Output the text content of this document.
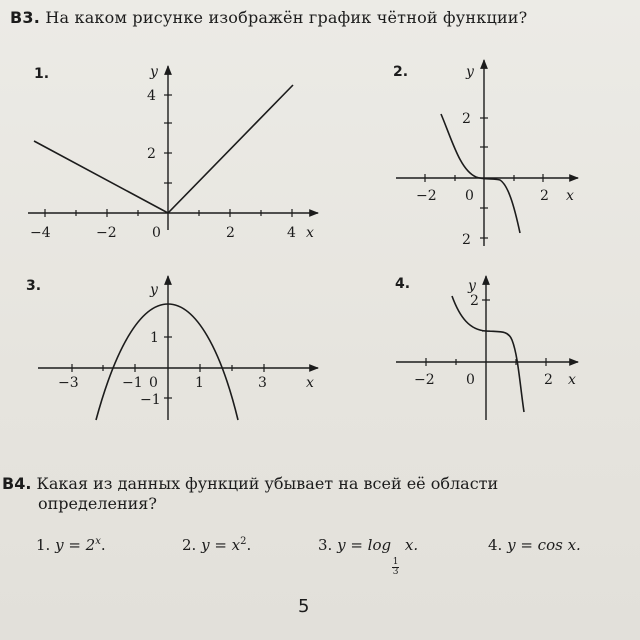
B3. На каком рисунке изображён график чётной функции?
1.
−4	−2	0	2	4
2
4
x
y	2.
−2 0	2
2
2
x
y
3.
−3	−1 0	1	3
1
−1
x
y	4.
−2 0	2
2
x
y
B4. Какая из данных функций убывает на всей её области
определения?
1. $y = 2^x$.	2. $y = x^2$.	3. y = log
$\frac{1}{3}$
x.	4. y = cos x.
5
